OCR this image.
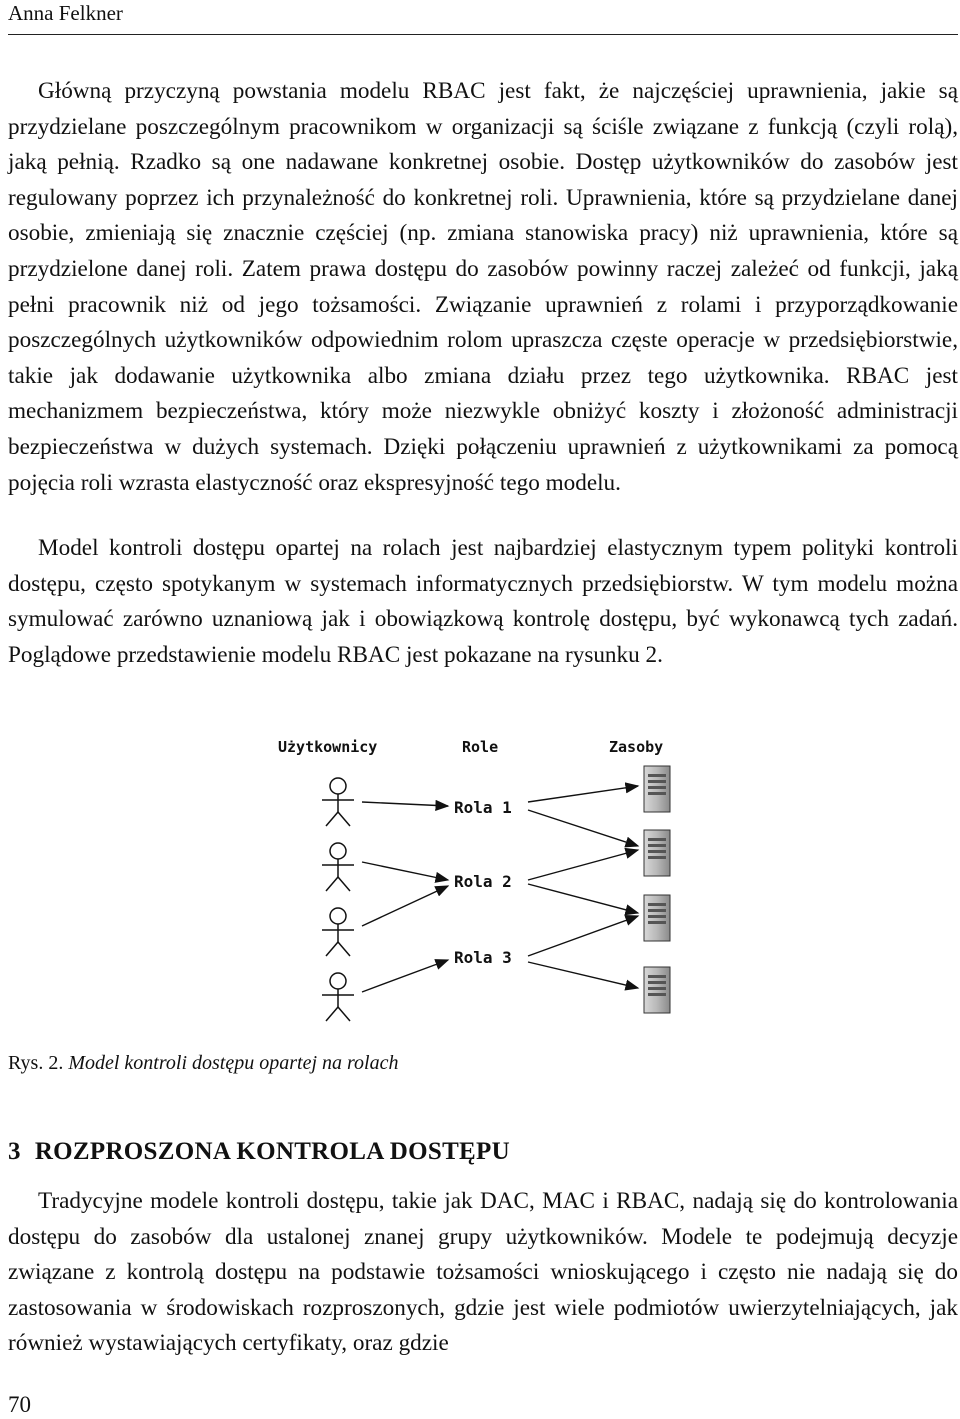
Anna Felkner

Główną przyczyną powstania modelu RBAC jest fakt, że najczęściej uprawnienia, jakie są przydzielane poszczególnym pracownikom w organizacji są ściśle związane z funkcją (czyli rolą), jaką pełnią. Rzadko są one nadawane konkretnej osobie. Dostęp użytkowników do zasobów jest regulowany poprzez ich przynależność do konkretnej roli. Uprawnienia, które są przydzielane danej osobie, zmieniają się znacznie częściej (np. zmiana stanowiska pracy) niż uprawnienia, które są przydzielone danej roli. Zatem prawa dostępu do zasobów powinny raczej zależeć od funkcji, jaką pełni pracownik niż od jego tożsamości. Związanie uprawnień z rolami i przyporządkowanie poszczególnych użytkowników odpowiednim rolom upraszcza częste operacje w przedsiębiorstwie, takie jak dodawanie użytkownika albo zmiana działu przez tego użytkownika. RBAC jest mechanizmem bezpieczeństwa, który może niezwykle obniżyć koszty i złożoność administracji bezpieczeństwa w dużych systemach. Dzięki połączeniu uprawnień z użytkownikami za pomocą pojęcia roli wzrasta elastyczność oraz ekspresyjność tego modelu.

Model kontroli dostępu opartej na rolach jest najbardziej elastycznym typem polityki kontroli dostępu, często spotykanym w systemach informatycznych przedsiębiorstw. W tym modelu można symulować zarówno uznaniową jak i obowiązkową kontrolę dostępu, być wykonawcą tych zadań. Poglądowe przedstawienie modelu RBAC jest pokazane na rysunku 2.

Użytkownicy	Role	Zasoby
Rola 1
Rola 2
Rola 3
Rys. 2. Model kontroli dostępu opartej na rolach
3 ROZPROSZONA KONTROLA DOSTĘPU

Tradycyjne modele kontroli dostępu, takie jak DAC, MAC i RBAC, nadają się do kontrolowania dostępu do zasobów dla ustalonej znanej grupy użytkowników. Modele te podejmują decyzje związane z kontrolą dostępu na podstawie tożsamości wnioskującego i często nie nadają się do zastosowania w środowiskach rozproszonych, gdzie jest wiele podmiotów uwierzytelniających, jak również wystawiających certyfikaty, oraz gdzie

70
